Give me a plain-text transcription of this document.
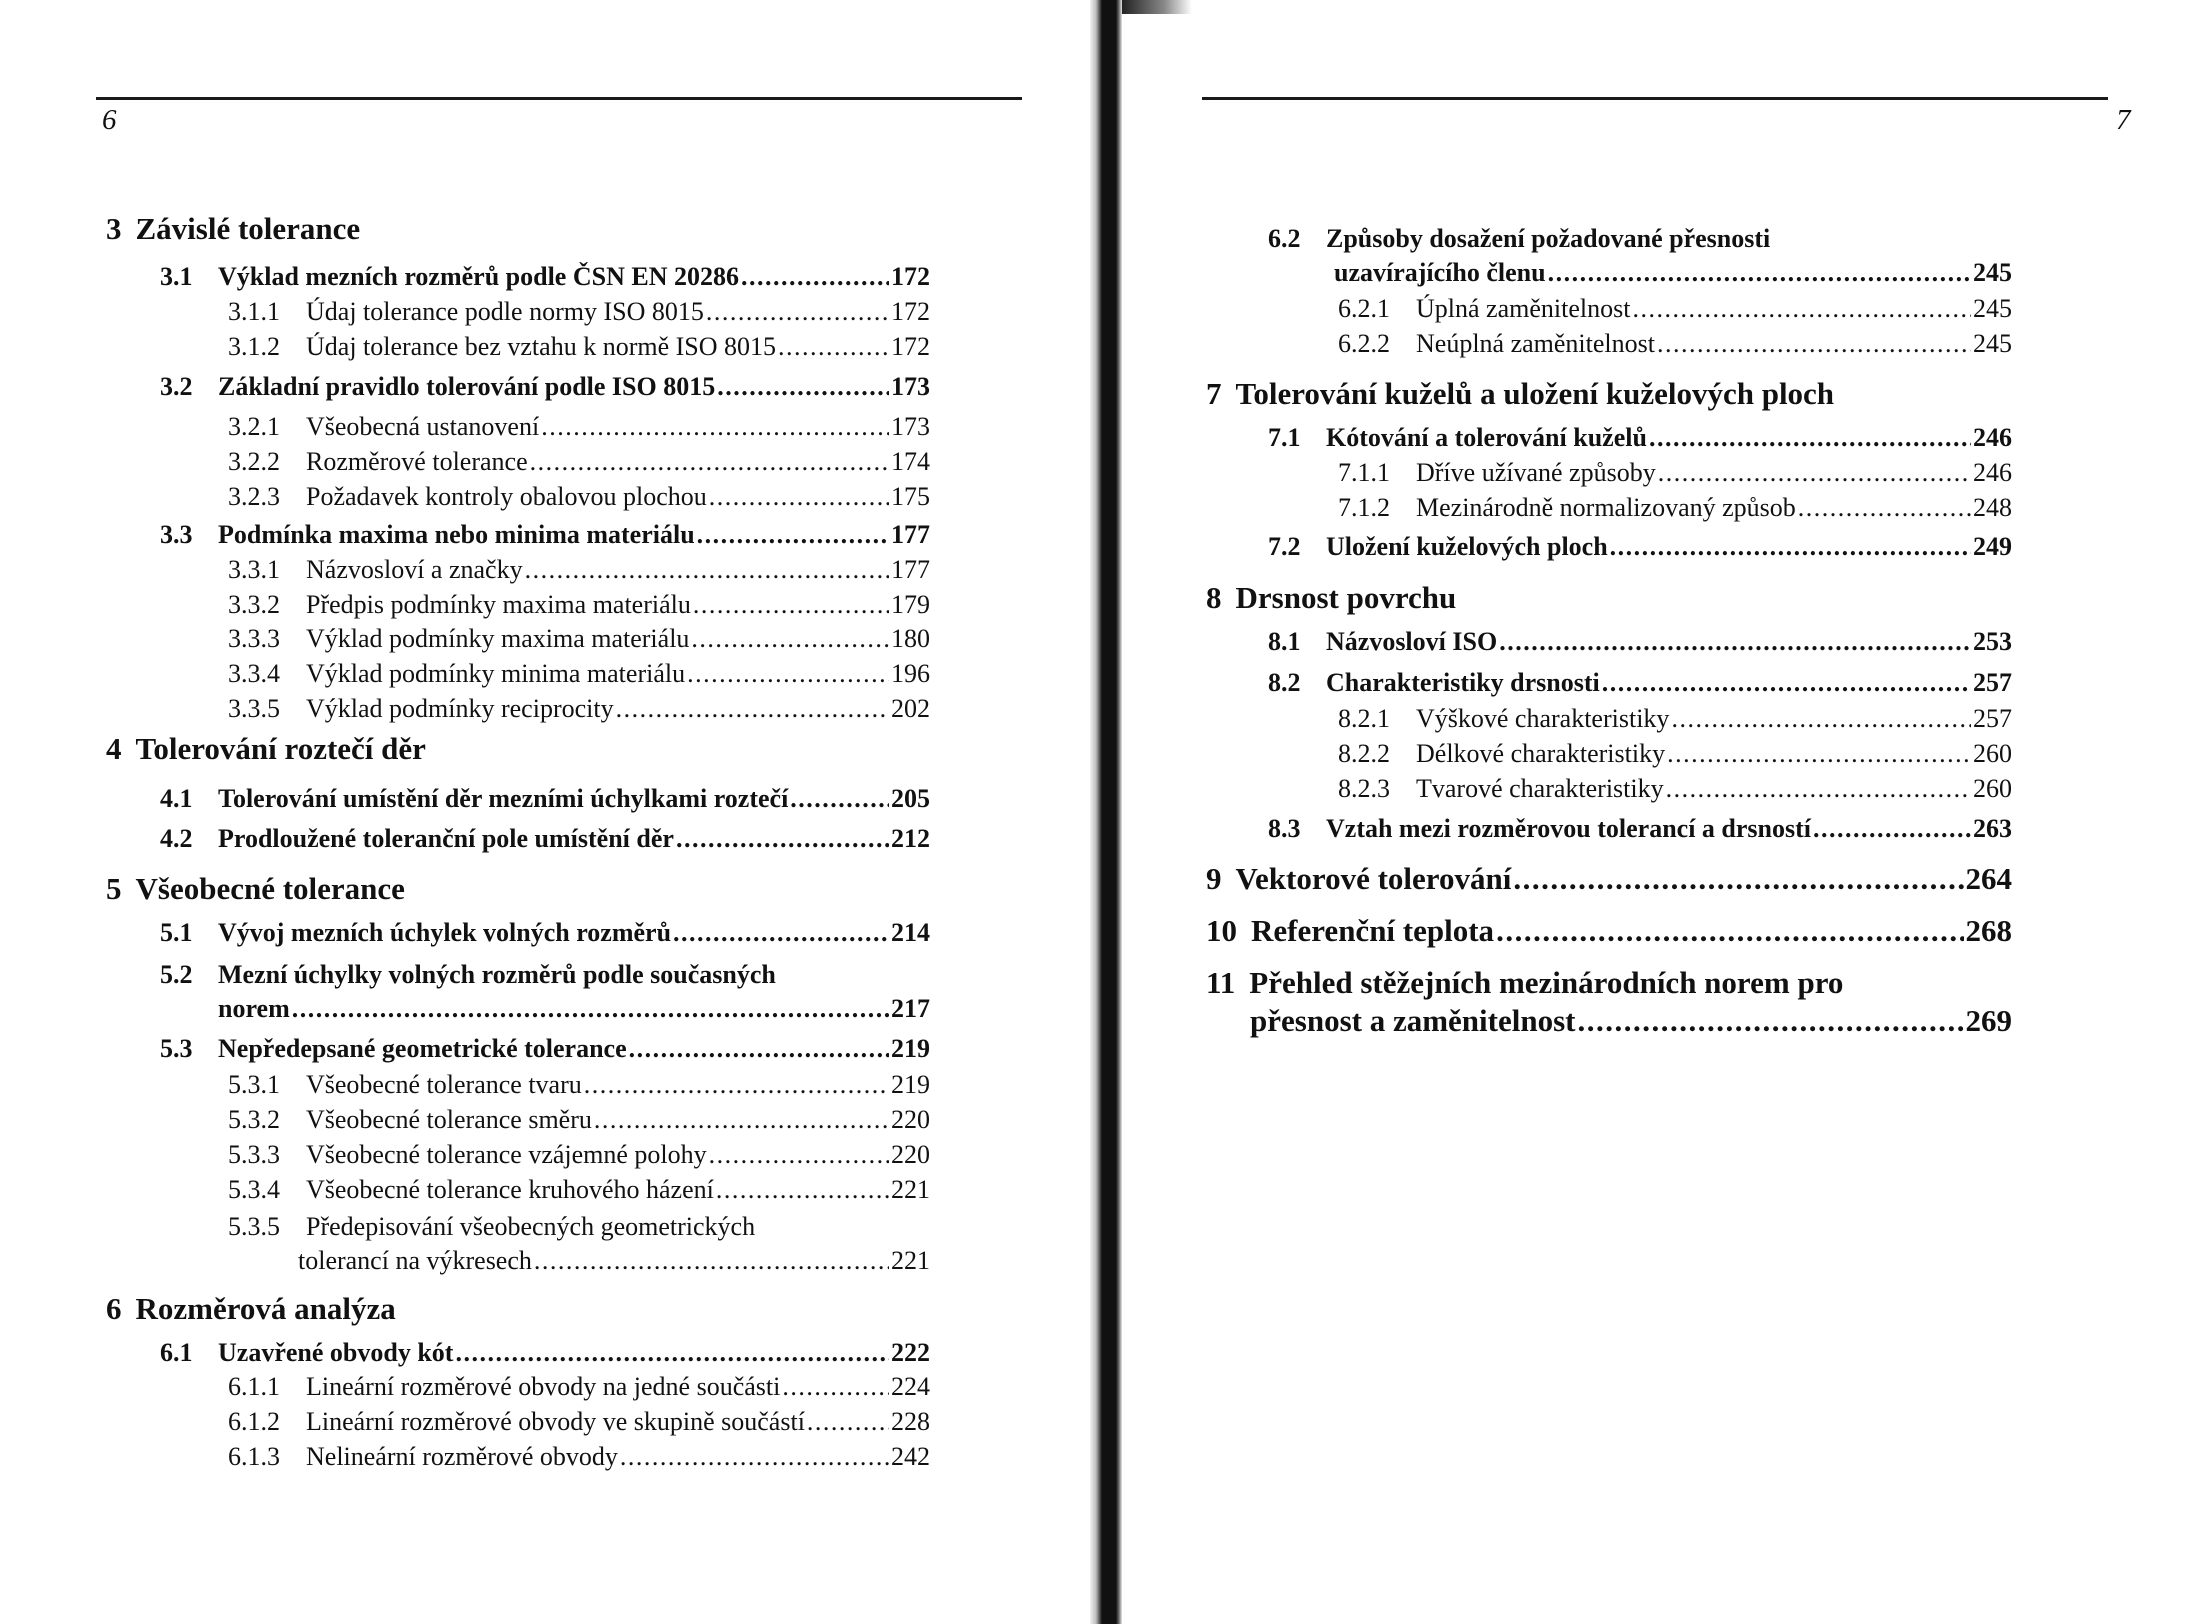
6
3 Závislé tolerance
3.1 Výklad mezních rozměrů podle ČSN EN 20286 .....	172
3.1.1	Údaj tolerance podle normy ISO 8015 .....	172
3.1.2	Údaj tolerance bez vztahu k normě ISO 8015 .....	172
3.2 Základní pravidlo tolerování podle ISO 8015 .....	173
3.2.1	Všeobecná ustanovení .....	173
3.2.2	Rozměrové tolerance .....	174
3.2.3	Požadavek kontroly obalovou plochou .....	175
3.3 Podmínka maxima nebo minima materiálu .....	177
3.3.1	Názvosloví a značky .....	177
3.3.2	Předpis podmínky maxima materiálu .....	179
3.3.3	Výklad podmínky maxima materiálu .....	180
3.3.4	Výklad podmínky minima materiálu .....	196
3.3.5	Výklad podmínky reciprocity .....	202
4 Tolerování roztečí děr
4.1 Tolerování umístění děr mezními úchylkami roztečí .....	205
4.2 Prodloužené toleranční pole umístění děr .....	212
5 Všeobecné tolerance
5.1 Vývoj mezních úchylek volných rozměrů .....	214
5.2 Mezní úchylky volných rozměrů podle současných
norem .....	217
5.3 Nepředepsané geometrické tolerance .....	219
5.3.1	Všeobecné tolerance tvaru .....	219
5.3.2	Všeobecné tolerance směru .....	220
5.3.3	Všeobecné tolerance vzájemné polohy .....	220
5.3.4	Všeobecné tolerance kruhového házení .....	221
5.3.5 Předepisování všeobecných geometrických
tolerancí na výkresech .....	221
6 Rozměrová analýza
6.1 Uzavřené obvody kót .....	222
6.1.1	Lineární rozměrové obvody na jedné součásti .....	224
6.1.2	Lineární rozměrové obvody ve skupině součástí .....	228
6.1.3	Nelineární rozměrové obvody .....	242
7
6.2 Způsoby dosažení požadované přesnosti
uzavírajícího členu .....	245
6.2.1	Úplná zaměnitelnost .....	245
6.2.2	Neúplná zaměnitelnost .....	245
7 Tolerování kuželů a uložení kuželových ploch
7.1 Kótování a tolerování kuželů .....	246
7.1.1	Dříve užívané způsoby .....	246
7.1.2	Mezinárodně normalizovaný způsob .....	248
7.2 Uložení kuželových ploch .....	249
8 Drsnost povrchu
8.1 Názvosloví ISO .....	253
8.2 Charakteristiky drsnosti .....	257
8.2.1	Výškové charakteristiky .....	257
8.2.2	Délkové charakteristiky .....	260
8.2.3	Tvarové charakteristiky .....	260
8.3 Vztah mezi rozměrovou tolerancí a drsností .....	263
9 Vektorové tolerování .....	264
10 Referenční teplota .....	268
11 Přehled stěžejních mezinárodních norem pro
přesnost a zaměnitelnost .....	269
